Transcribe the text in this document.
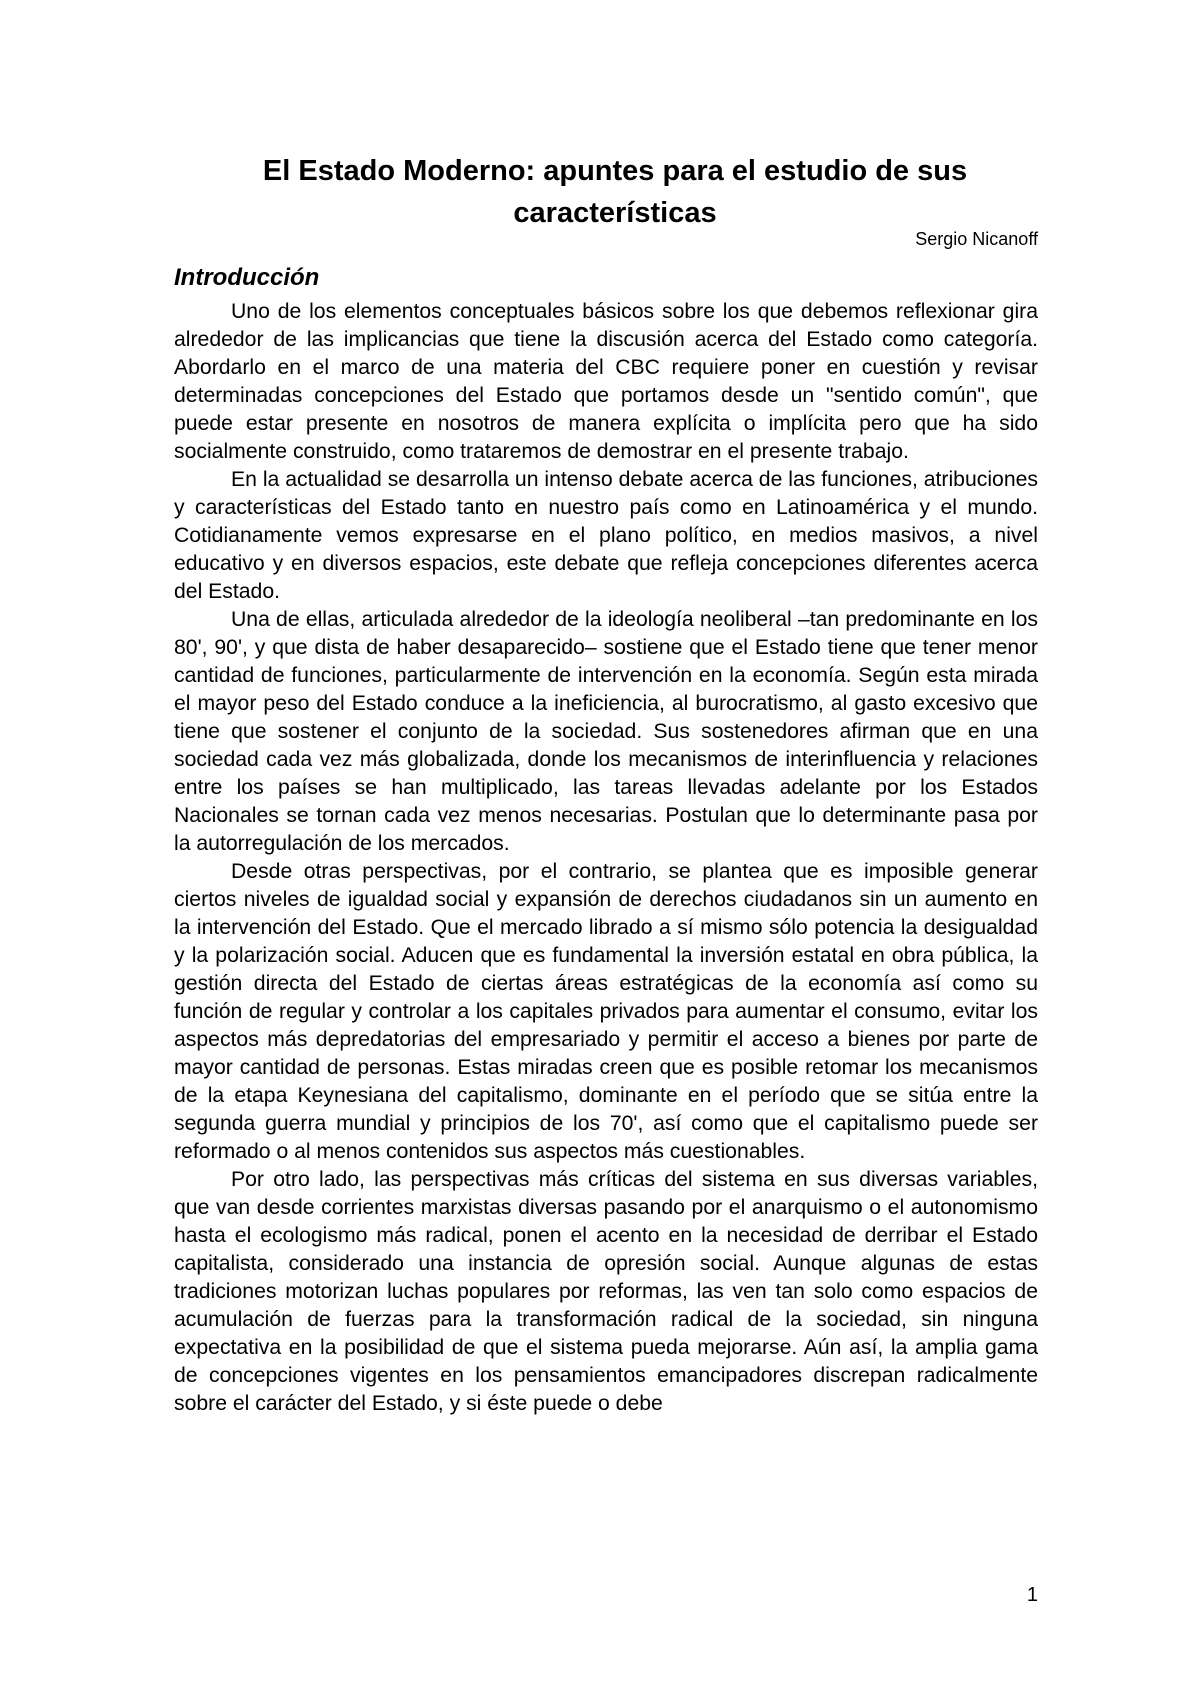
El Estado Moderno: apuntes para el estudio de sus características

Sergio Nicanoff

Introducción

Uno de los elementos conceptuales básicos sobre los que debemos reflexionar gira alrededor de las implicancias que tiene la discusión acerca del Estado como categoría. Abordarlo en el marco de una materia del CBC requiere poner en cuestión y revisar determinadas concepciones del Estado que portamos desde un "sentido común", que puede estar presente en nosotros de manera explícita o implícita pero que ha sido socialmente construido, como trataremos de demostrar en el presente trabajo.

En la actualidad se desarrolla un intenso debate acerca de las funciones, atribuciones y características del Estado tanto en nuestro país como en Latinoamérica y el mundo. Cotidianamente vemos expresarse en el plano político, en medios masivos, a nivel educativo y en diversos espacios, este debate que refleja concepciones diferentes acerca del Estado.

Una de ellas, articulada alrededor de la ideología neoliberal –tan predominante en los 80', 90', y que dista de haber desaparecido– sostiene que el Estado tiene que tener menor cantidad de funciones, particularmente de intervención en la economía. Según esta mirada el mayor peso del Estado conduce a la ineficiencia, al burocratismo, al gasto excesivo que tiene que sostener el conjunto de la sociedad. Sus sostenedores afirman que en una sociedad cada vez más globalizada, donde los mecanismos de interinfluencia y relaciones entre los países se han multiplicado, las tareas llevadas adelante por los Estados Nacionales se tornan cada vez menos necesarias. Postulan que lo determinante pasa por la autorregulación de los mercados.

Desde otras perspectivas, por el contrario, se plantea que es imposible generar ciertos niveles de igualdad social y expansión de derechos ciudadanos sin un aumento en la intervención del Estado. Que el mercado librado a sí mismo sólo potencia la desigualdad y la polarización social. Aducen que es fundamental la inversión estatal en obra pública, la gestión directa del Estado de ciertas áreas estratégicas de la economía así como su función de regular y controlar a los capitales privados para aumentar el consumo, evitar los aspectos más depredatorias del empresariado y permitir el acceso a bienes por parte de mayor cantidad de personas. Estas miradas creen que es posible retomar los mecanismos de la etapa Keynesiana del capitalismo, dominante en el período que se sitúa entre la segunda guerra mundial y principios de los 70', así como que el capitalismo puede ser reformado o al menos contenidos sus aspectos más cuestionables.

Por otro lado, las perspectivas más críticas del sistema en sus diversas variables, que van desde corrientes marxistas diversas pasando por el anarquismo o el autonomismo hasta el ecologismo más radical, ponen el acento en la necesidad de derribar el Estado capitalista, considerado una instancia de opresión social. Aunque algunas de estas tradiciones motorizan luchas populares por reformas, las ven tan solo como espacios de acumulación de fuerzas para la transformación radical de la sociedad, sin ninguna expectativa en la posibilidad de que el sistema pueda mejorarse. Aún así, la amplia gama de concepciones vigentes en los pensamientos emancipadores discrepan radicalmente sobre el carácter del Estado, y si éste puede o debe

1
